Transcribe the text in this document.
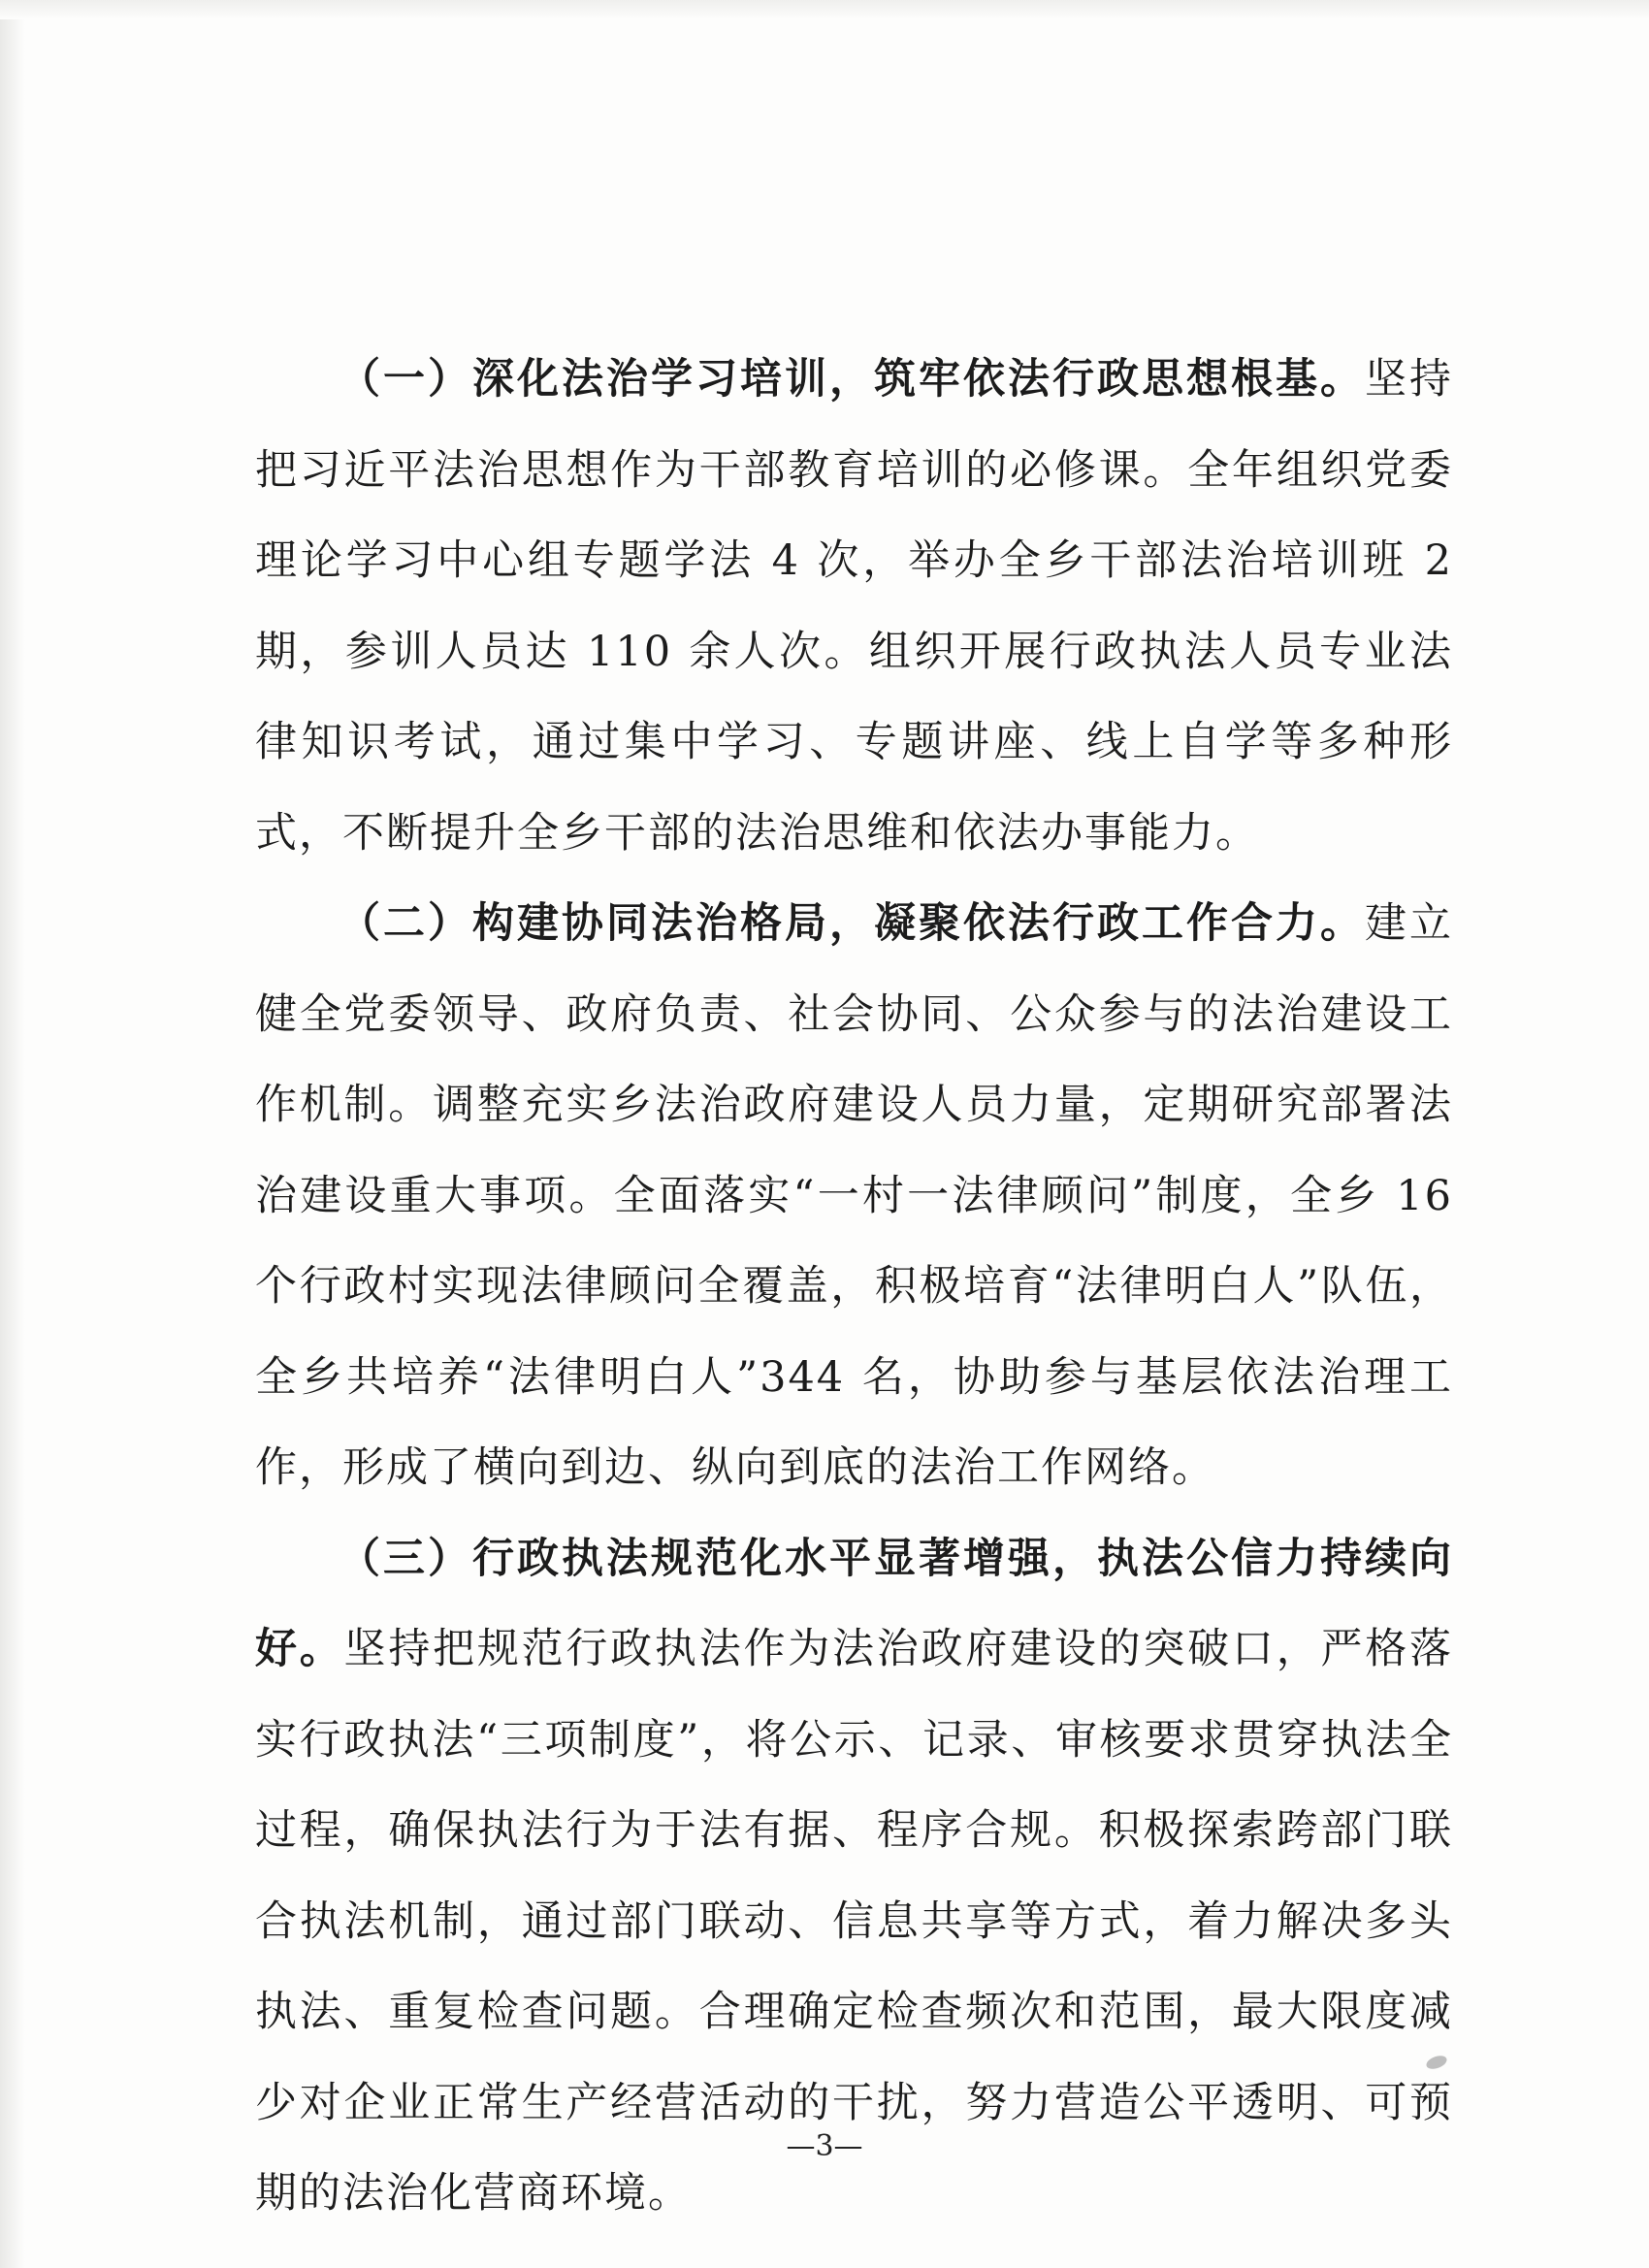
（一）深化法治学习培训，筑牢依法行政思想根基。坚持把习近平法治思想作为干部教育培训的必修课。全年组织党委理论学习中心组专题学法 4 次，举办全乡干部法治培训班 2 期，参训人员达 110 余人次。组织开展行政执法人员专业法律知识考试，通过集中学习、专题讲座、线上自学等多种形式，不断提升全乡干部的法治思维和依法办事能力。

（二）构建协同法治格局，凝聚依法行政工作合力。建立健全党委领导、政府负责、社会协同、公众参与的法治建设工作机制。调整充实乡法治政府建设人员力量，定期研究部署法治建设重大事项。全面落实“一村一法律顾问”制度，全乡 16 个行政村实现法律顾问全覆盖，积极培育“法律明白人”队伍，全乡共培养“法律明白人”344 名，协助参与基层依法治理工作，形成了横向到边、纵向到底的法治工作网络。

（三）行政执法规范化水平显著增强，执法公信力持续向好。坚持把规范行政执法作为法治政府建设的突破口，严格落实行政执法“三项制度”，将公示、记录、审核要求贯穿执法全过程，确保执法行为于法有据、程序合规。积极探索跨部门联合执法机制，通过部门联动、信息共享等方式，着力解决多头执法、重复检查问题。合理确定检查频次和范围，最大限度减少对企业正常生产经营活动的干扰，努力营造公平透明、可预期的法治化营商环境。

—3—
